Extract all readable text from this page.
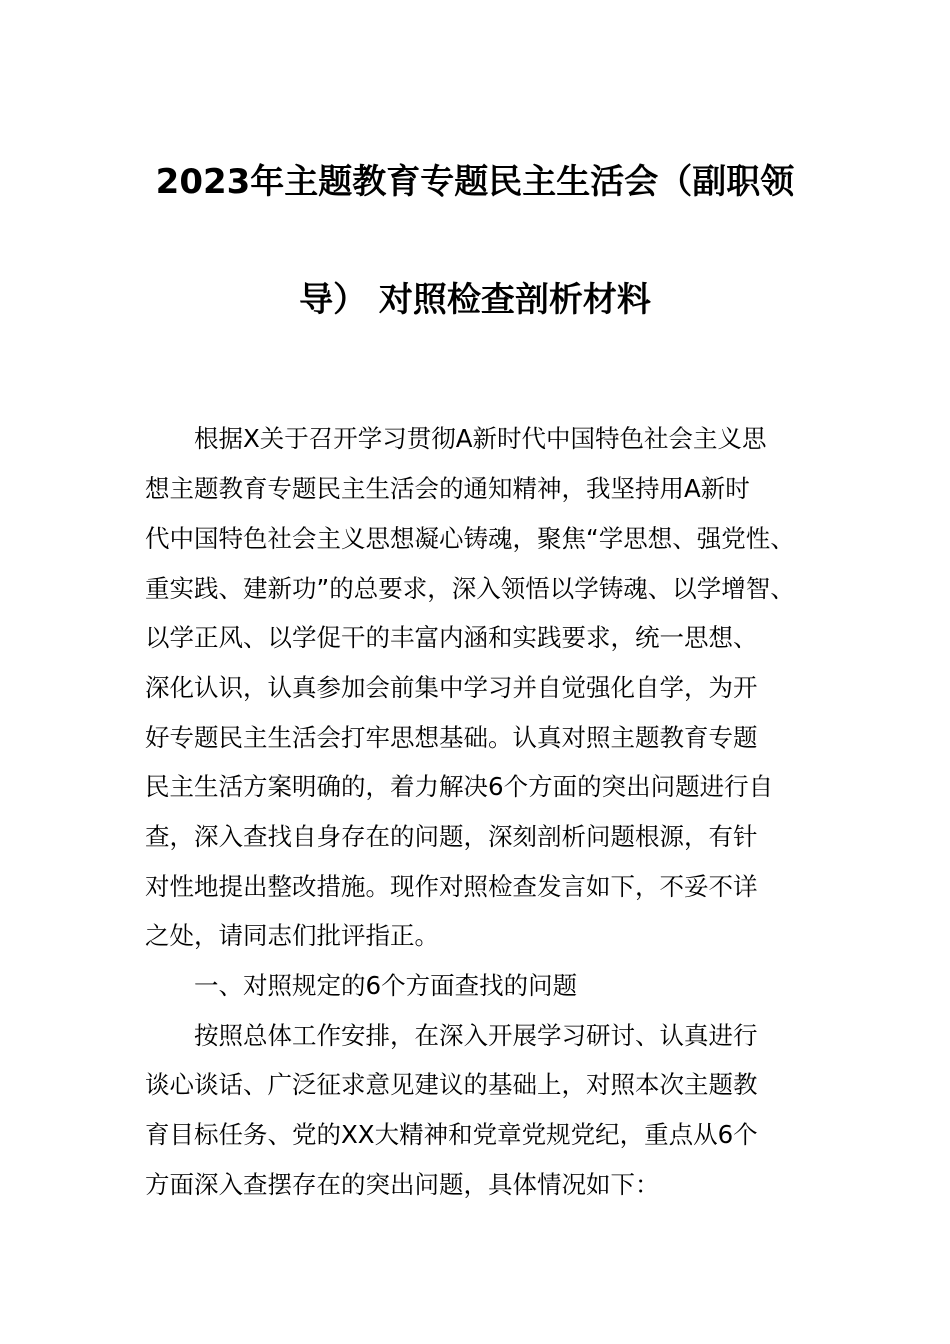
2023年主题教育专题民主生活会（副职领
导） 对照检查剖析材料
根据X关于召开学习贯彻A新时代中国特色社会主义思
想主题教育专题民主生活会的通知精神，我坚持用A新时
代中国特色社会主义思想凝心铸魂，聚焦“学思想、强党性、
重实践、建新功”的总要求，深入领悟以学铸魂、以学增智、
以学正风、以学促干的丰富内涵和实践要求，统一思想、
深化认识，认真参加会前集中学习并自觉强化自学，为开
好专题民主生活会打牢思想基础。认真对照主题教育专题
民主生活方案明确的，着力解决6个方面的突出问题进行自
查，深入查找自身存在的问题，深刻剖析问题根源，有针
对性地提出整改措施。现作对照检查发言如下，不妥不详
之处，请同志们批评指正。
一、对照规定的6个方面查找的问题
按照总体工作安排，在深入开展学习研讨、认真进行
谈心谈话、广泛征求意见建议的基础上，对照本次主题教
育目标任务、党的XX大精神和党章党规党纪，重点从6个
方面深入查摆存在的突出问题，具体情况如下：
